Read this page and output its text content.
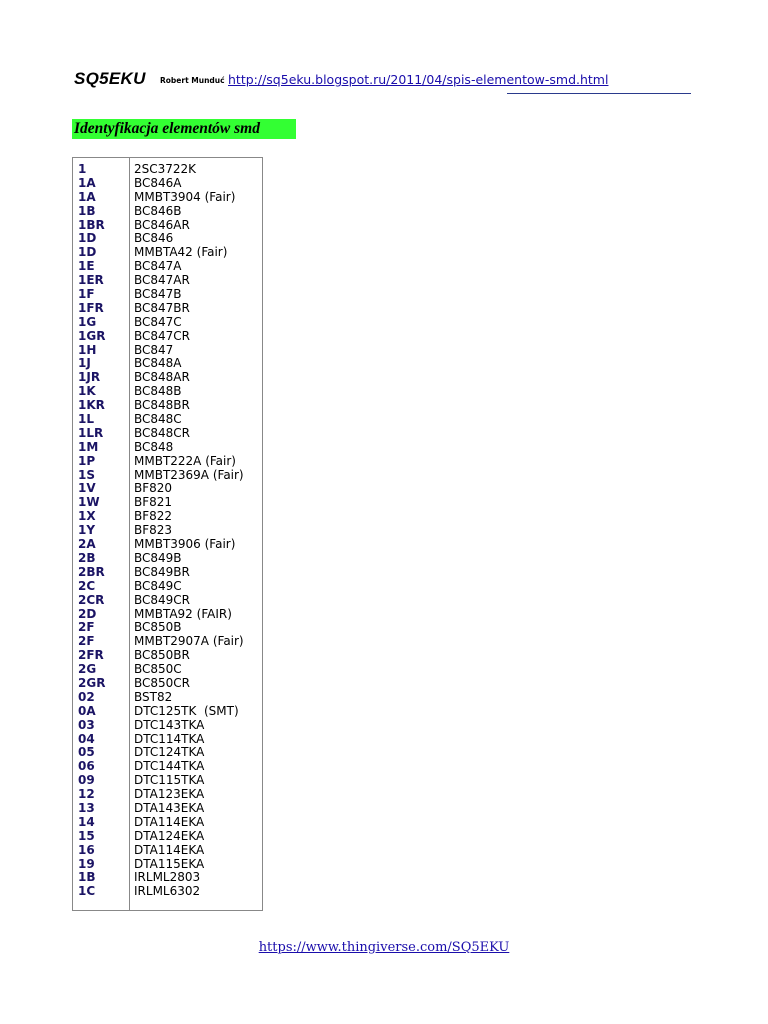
SQ5EKU Robert Munduć http://sq5eku.blogspot.ru/2011/04/spis-elementow-smd.html
Identyfikacja elementów smd
1	2SC3722K
1A	BC846A
1A	MMBT3904 (Fair)
1B	BC846B
1BR BC846AR
1D	BC846
1D	MMBTA42 (Fair)
1E	BC847A
1ER	BC847AR
1F	BC847B
1FR	BC847BR
1G	BC847C
1GR BC847CR
1H	BC847
1J	BC848A
1JR	BC848AR
1K	BC848B
1KR BC848BR
1L	BC848C
1LR	BC848CR
1M	BC848
1P	MMBT222A (Fair)
1S	MMBT2369A (Fair)
1V	BF820
1W	BF821
1X	BF822
1Y	BF823
2A	MMBT3906 (Fair)
2B	BC849B
2BR BC849BR
2C	BC849C
2CR BC849CR
2D	MMBTA92 (FAIR)
2F	BC850B
2F	MMBT2907A (Fair)
2FR	BC850BR
2G	BC850C
2GR BC850CR
02	BST82
0A	DTC125TK  (SMT)
03	DTC143TKA
04	DTC114TKA
05	DTC124TKA
06	DTC144TKA
09	DTC115TKA
12	DTA123EKA
13	DTA143EKA
14	DTA114EKA
15	DTA124EKA
16	DTA114EKA
19	DTA115EKA
1B	IRLML2803
1C	IRLML6302
https://www.thingiverse.com/SQ5EKU
